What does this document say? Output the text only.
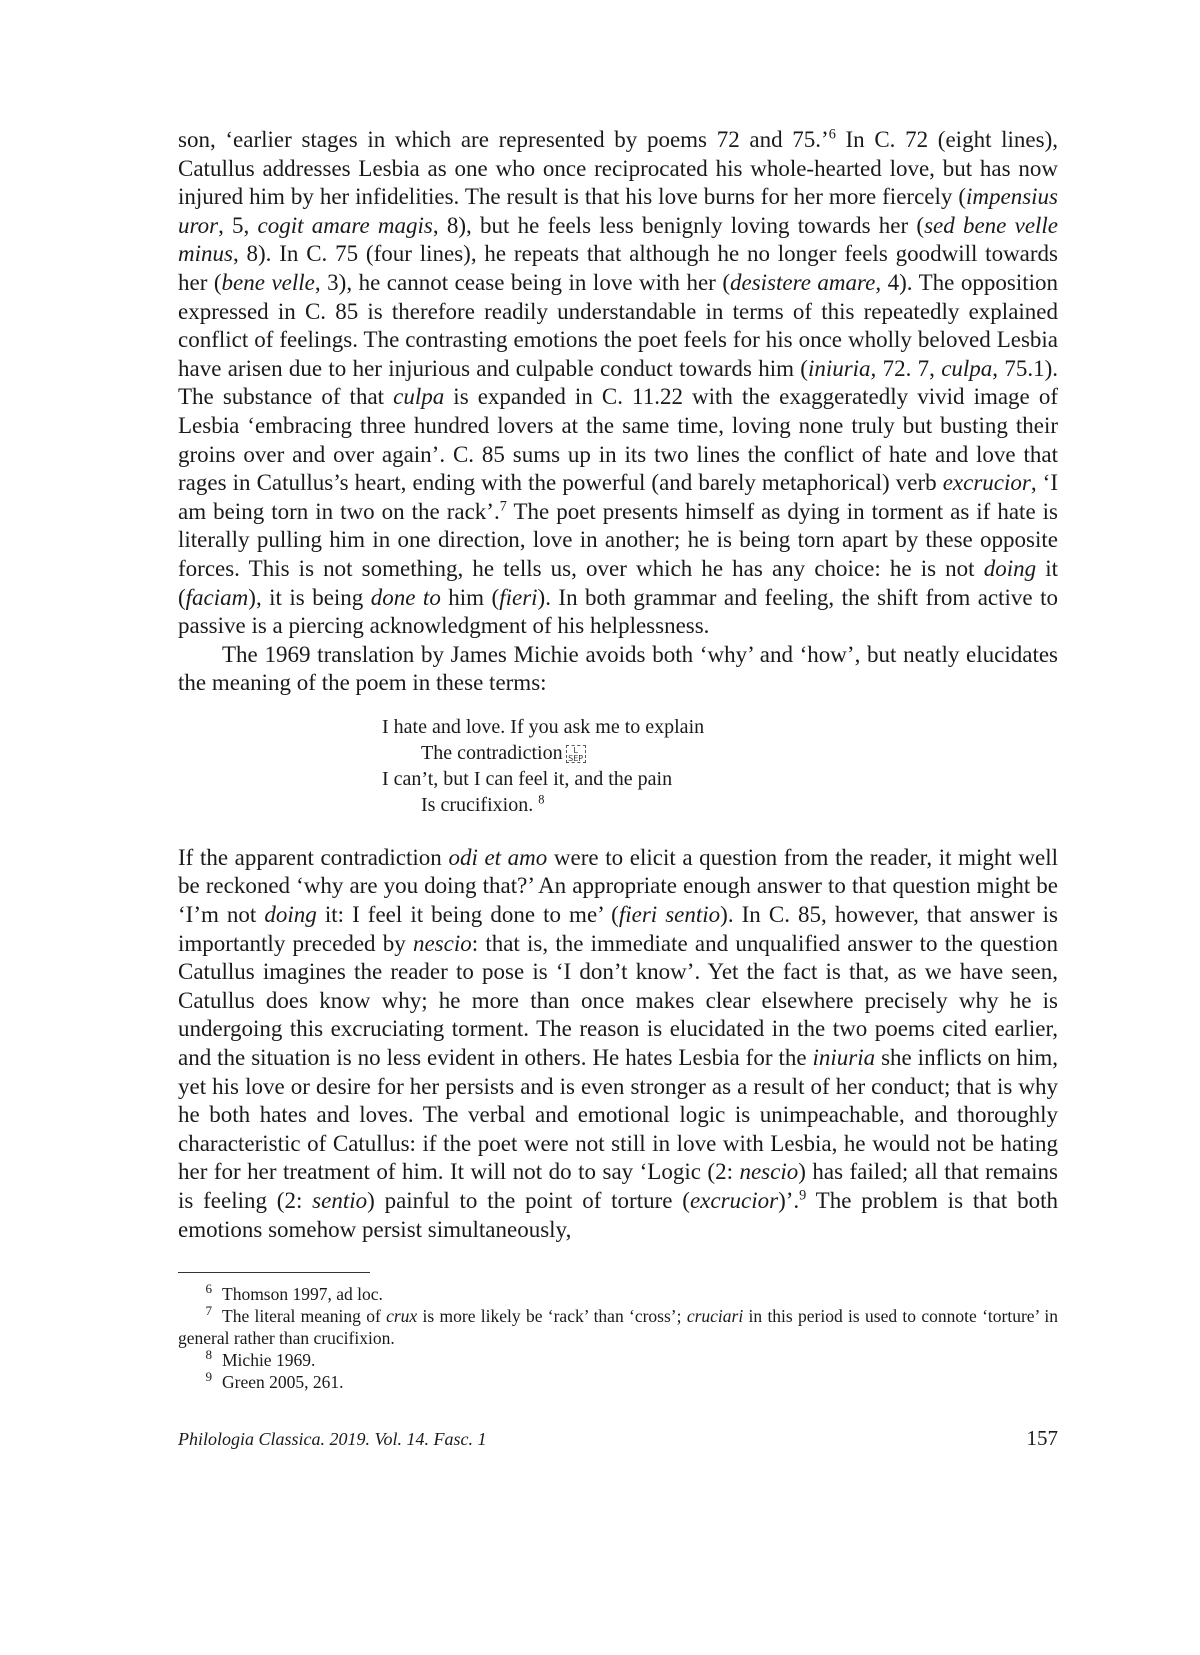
son, ‘earlier stages in which are represented by poems 72 and 75.’$^6$ In C. 72 (eight lines), Catullus addresses Lesbia as one who once reciprocated his whole-hearted love, but has now injured him by her infidelities. The result is that his love burns for her more fiercely (impensius uror, 5, cogit amare magis, 8), but he feels less benignly loving towards her (sed bene velle minus, 8). In C. 75 (four lines), he repeats that although he no longer feels goodwill towards her (bene velle, 3), he cannot cease being in love with her (desistere amare, 4). The opposition expressed in C. 85 is therefore readily understandable in terms of this repeatedly explained conflict of feelings. The contrasting emotions the poet feels for his once wholly beloved Lesbia have arisen due to her injurious and culpable conduct towards him (iniuria, 72. 7, culpa, 75.1). The substance of that culpa is expanded in C. 11.22 with the exaggeratedly vivid image of Lesbia ‘embracing three hundred lovers at the same time, loving none truly but busting their groins over and over again’. C. 85 sums up in its two lines the conflict of hate and love that rages in Catullus’s heart, ending with the powerful (and barely metaphorical) verb excrucior, ‘I am being torn in two on the rack’.$^7$ The poet presents himself as dying in torment as if hate is literally pulling him in one direction, love in another; he is being torn apart by these opposite forces. This is not something, he tells us, over which he has any choice: he is not doing it (faciam), it is being done to him (fieri). In both grammar and feeling, the shift from active to passive is a piercing acknowledgment of his helplessness.

The 1969 translation by James Michie avoids both ‘why’ and ‘how’, but neatly elucidates the meaning of the poem in these terms:

I hate and love. If you ask me to explain
The contradiction L
SEP
I can’t, but I can feel it, and the pain
Is crucifixion. $^8$

If the apparent contradiction odi et amo were to elicit a question from the reader, it might well be reckoned ‘why are you doing that?’ An appropriate enough answer to that question might be ‘I’m not doing it: I feel it being done to me’ (fieri sentio). In C. 85, however, that answer is importantly preceded by nescio: that is, the immediate and unqualified answer to the question Catullus imagines the reader to pose is ‘I don’t know’. Yet the fact is that, as we have seen, Catullus does know why; he more than once makes clear elsewhere precisely why he is undergoing this excruciating torment. The reason is elucidated in the two poems cited earlier, and the situation is no less evident in others. He hates Lesbia for the iniuria she inflicts on him, yet his love or desire for her persists and is even stronger as a result of her conduct; that is why he both hates and loves. The verbal and emotional logic is unimpeachable, and thoroughly characteristic of Catullus: if the poet were not still in love with Lesbia, he would not be hating her for her treatment of him. It will not do to say ‘Logic (2: nescio) has failed; all that remains is feeling (2: sentio) painful to the point of torture (excrucior)’.$^9$ The problem is that both emotions somehow persist simultaneously,

$^6$ Thomson 1997, ad loc.

$^7$ The literal meaning of crux is more likely be ‘rack’ than ‘cross’; cruciari in this period is used to connote ‘torture’ in general rather than crucifixion.

$^8$ Michie 1969.

$^9$ Green 2005, 261.

Philologia Classica. 2019. Vol. 14. Fasc. 1	157
